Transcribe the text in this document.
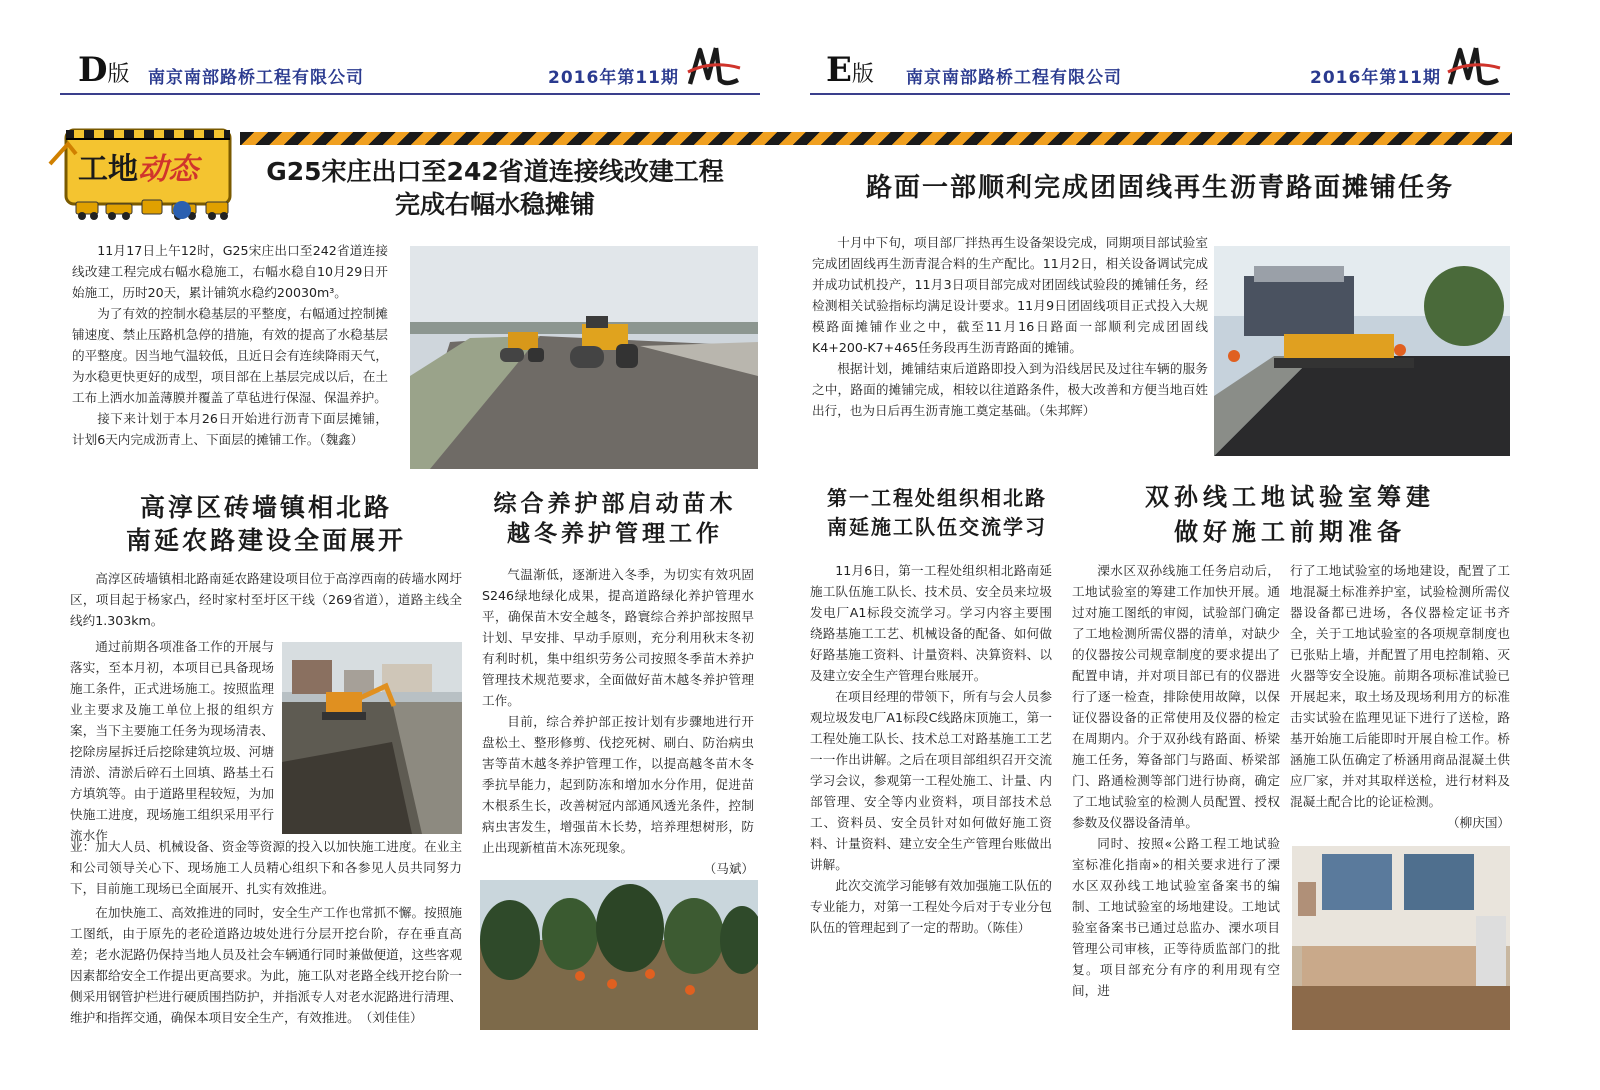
D版 南京南部路桥工程有限公司	2016年第11期	E版 南京南部路桥工程有限公司	2016年第11期
工地动态	G25宋庄出口至242省道连接线改建工程
完成右幅水稳摊铺

11月17日上午12时，G25宋庄出口至242省道连接线改建工程完成右幅水稳施工，右幅水稳自10月29日开始施工，历时20天，累计铺筑水稳约20030m³。

为了有效的控制水稳基层的平整度，右幅通过控制摊铺速度、禁止压路机急停的措施，有效的提高了水稳基层的平整度。因当地气温较低，且近日会有连续降雨天气，为水稳更快更好的成型，项目部在上基层完成以后，在土工布上洒水加盖薄膜并覆盖了草毡进行保湿、保温养护。

接下来计划于本月26日开始进行沥青下面层摊铺，计划6天内完成沥青上、下面层的摊铺工作。（魏鑫）

高淳区砖墙镇相北路
南延农路建设全面展开

高淳区砖墙镇相北路南延农路建设项目位于高淳西南的砖墙水网圩区，项目起于杨家凸，经时家村至圩区干线（269省道），道路主线全线约1.303km。

通过前期各项准备工作的开展与落实，至本月初，本项目已具备现场施工条件，正式进场施工。按照监理业主要求及施工单位上报的组织方案，当下主要施工任务为现场清表、挖除房屋拆迁后挖除建筑垃圾、河塘清淤、清淤后碎石土回填、路基土石方填筑等。由于道路里程较短，为加快施工进度，现场施工组织采用平行流水作

业：加大人员、机械设备、资金等资源的投入以加快施工进度。在业主和公司领导关心下、现场施工人员精心组织下和各参见人员共同努力下，目前施工现场已全面展开、扎实有效推进。

在加快施工、高效推进的同时，安全生产工作也常抓不懈。按照施工图纸，由于原先的老砼道路边坡处进行分层开挖台阶，存在垂直高差；老水泥路仍保持当地人员及社会车辆通行同时兼做便道，这些客观因素都给安全工作提出更高要求。为此，施工队对老路全线开挖台阶一侧采用钢管护栏进行硬质围挡防护，并指派专人对老水泥路进行清理、维护和指挥交通，确保本项目安全生产，有效推进。　（刘佳佳）

综合养护部启动苗木
越冬养护管理工作

气温渐低，逐渐进入冬季，为切实有效巩固S246绿地绿化成果，提高道路绿化养护管理水平，确保苗木安全越冬，路寰综合养护部按照早计划、早安排、早动手原则，充分利用秋末冬初有利时机，集中组织劳务公司按照冬季苗木养护管理技术规范要求，全面做好苗木越冬养护管理工作。

目前，综合养护部正按计划有步骤地进行开盘松土、整形修剪、伐挖死树、刷白、防治病虫害等苗木越冬养护管理工作，以提高越冬苗木冬季抗旱能力，起到防冻和增加水分作用，促进苗木根系生长，改善树冠内部通风透光条件，控制病虫害发生，增强苗木长势，培养理想树形，防止出现新植苗木冻死现象。

（马斌）
路面一部顺利完成团固线再生沥青路面摊铺任务

十月中下旬，项目部厂拌热再生设备架设完成，同期项目部试验室完成团固线再生沥青混合料的生产配比。11月2日，相关设备调试完成并成功试机投产，11月3日项目部完成对团固线试验段的摊铺任务，经检测相关试验指标均满足设计要求。11月9日团固线项目正式投入大规模路面摊铺作业之中，截至11月16日路面一部顺利完成团固线K4+200-K7+465任务段再生沥青路面的摊铺。

根据计划，摊铺结束后道路即投入到为沿线居民及过往车辆的服务之中，路面的摊铺完成，相较以往道路条件，极大改善和方便当地百姓出行，也为日后再生沥青施工奠定基础。（朱邦辉）

第一工程处组织相北路
南延施工队伍交流学习

11月6日，第一工程处组织相北路南延施工队伍施工队长、技术员、安全员来垃圾发电厂A1标段交流学习。学习内容主要围绕路基施工工艺、机械设备的配备、如何做好路基施工资料、计量资料、决算资料、以及建立安全生产管理台账展开。

在项目经理的带领下，所有与会人员参观垃圾发电厂A1标段C线路床顶施工，第一工程处施工队长、技术总工对路基施工工艺一一作出讲解。之后在项目部组织召开交流学习会议，参观第一工程处施工、计量、内部管理、安全等内业资料，项目部技术总工、资料员、安全员针对如何做好施工资料、计量资料、建立安全生产管理台账做出讲解。

此次交流学习能够有效加强施工队伍的专业能力，对第一工程处今后对于专业分包队伍的管理起到了一定的帮助。（陈佳）

双孙线工地试验室筹建
做好施工前期准备

溧水区双孙线施工任务启动后，工地试验室的筹建工作加快开展。通过对施工图纸的审阅，试验部门确定了工地检测所需仪器的清单，对缺少的仪器按公司规章制度的要求提出了配置申请，并对项目部已有的仪器进行了逐一检查，排除使用故障，以保证仪器设备的正常使用及仪器的检定在周期内。介于双孙线有路面、桥梁施工任务，筹备部门与路面、桥梁部门、路通检测等部门进行协商，确定了工地试验室的检测人员配置、授权参数及仪器设备清单。

同时、按照«公路工程工地试验室标准化指南»的相关要求进行了溧水区双孙线工地试验室备案书的编制、工地试验室的场地建设。工地试验室备案书已通过总监办、溧水项目管理公司审核，正等待质监部门的批复。项目部充分有序的利用现有空间，进

行了工地试验室的场地建设，配置了工地混凝土标准养护室，试验检测所需仪器设备都已进场，各仪器检定证书齐全，关于工地试验室的各项规章制度也已张贴上墙，并配置了用电控制箱、灭火器等安全设施。前期各项标准试验已开展起来，取土场及现场利用方的标准击实试验在监理见证下进行了送检，路基开始施工后能即时开展自检工作。桥涵施工队伍确定了桥涵用商品混凝土供应厂家，并对其取样送检，进行材料及混凝土配合比的论证检测。
（柳庆国）
